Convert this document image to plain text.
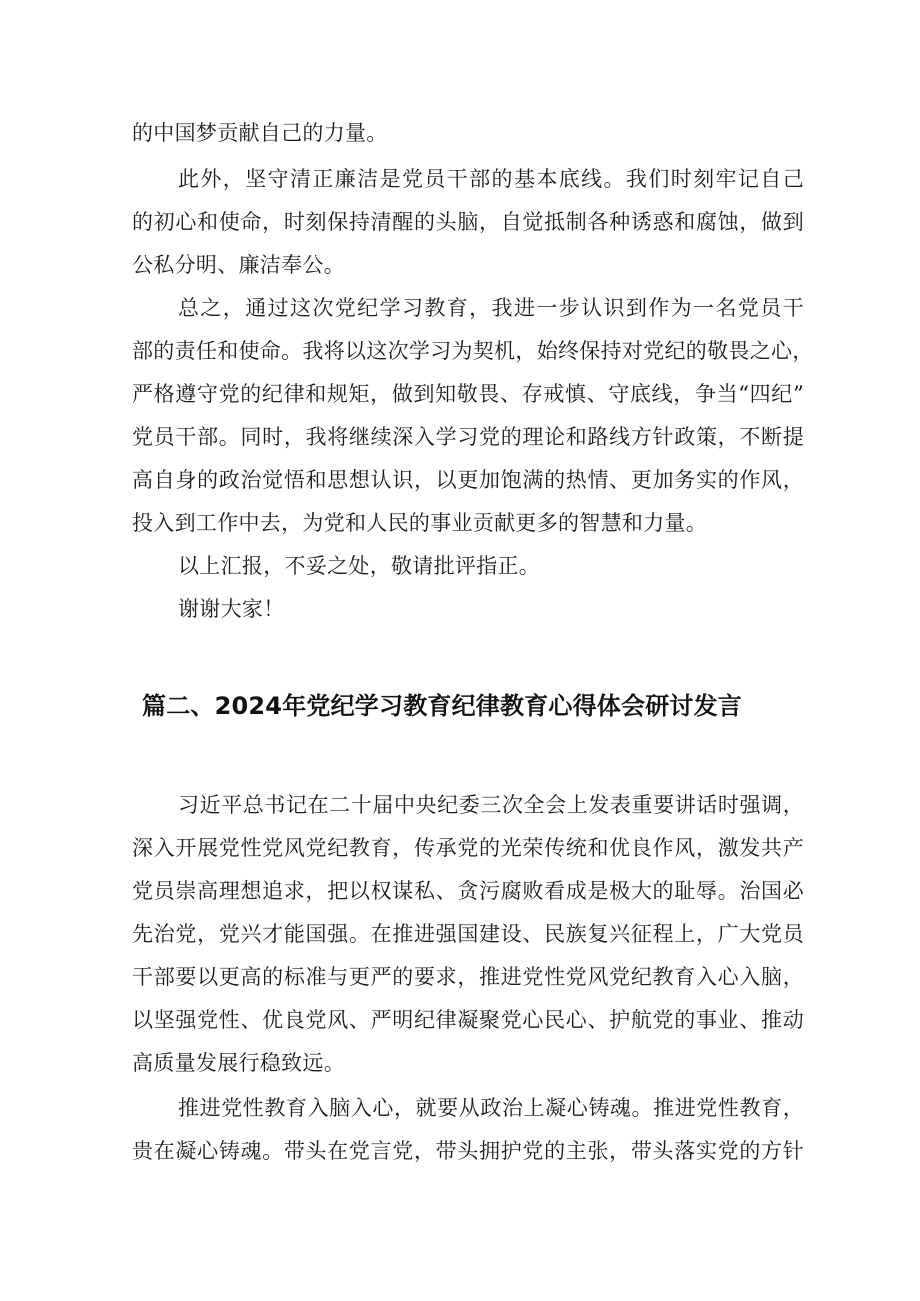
的中国梦贡献自己的力量。
此外，坚守清正廉洁是党员干部的基本底线。我们时刻牢记自己
的初心和使命，时刻保持清醒的头脑，自觉抵制各种诱惑和腐蚀，做到
公私分明、廉洁奉公。
总之，通过这次党纪学习教育，我进一步认识到作为一名党员干
部的责任和使命。我将以这次学习为契机，始终保持对党纪的敬畏之心，
严格遵守党的纪律和规矩，做到知敬畏、存戒慎、守底线，争当“四纪”
党员干部。同时，我将继续深入学习党的理论和路线方针政策，不断提
高自身的政治觉悟和思想认识，以更加饱满的热情、更加务实的作风，
投入到工作中去，为党和人民的事业贡献更多的智慧和力量。
以上汇报，不妥之处，敬请批评指正。
谢谢大家！
篇二、2024年党纪学习教育纪律教育心得体会研讨发言
习近平总书记在二十届中央纪委三次全会上发表重要讲话时强调，
深入开展党性党风党纪教育，传承党的光荣传统和优良作风，激发共产
党员崇高理想追求，把以权谋私、贪污腐败看成是极大的耻辱。治国必
先治党，党兴才能国强。在推进强国建设、民族复兴征程上，广大党员
干部要以更高的标准与更严的要求，推进党性党风党纪教育入心入脑，
以坚强党性、优良党风、严明纪律凝聚党心民心、护航党的事业、推动
高质量发展行稳致远。
推进党性教育入脑入心，就要从政治上凝心铸魂。推进党性教育，
贵在凝心铸魂。带头在党言党，带头拥护党的主张，带头落实党的方针
